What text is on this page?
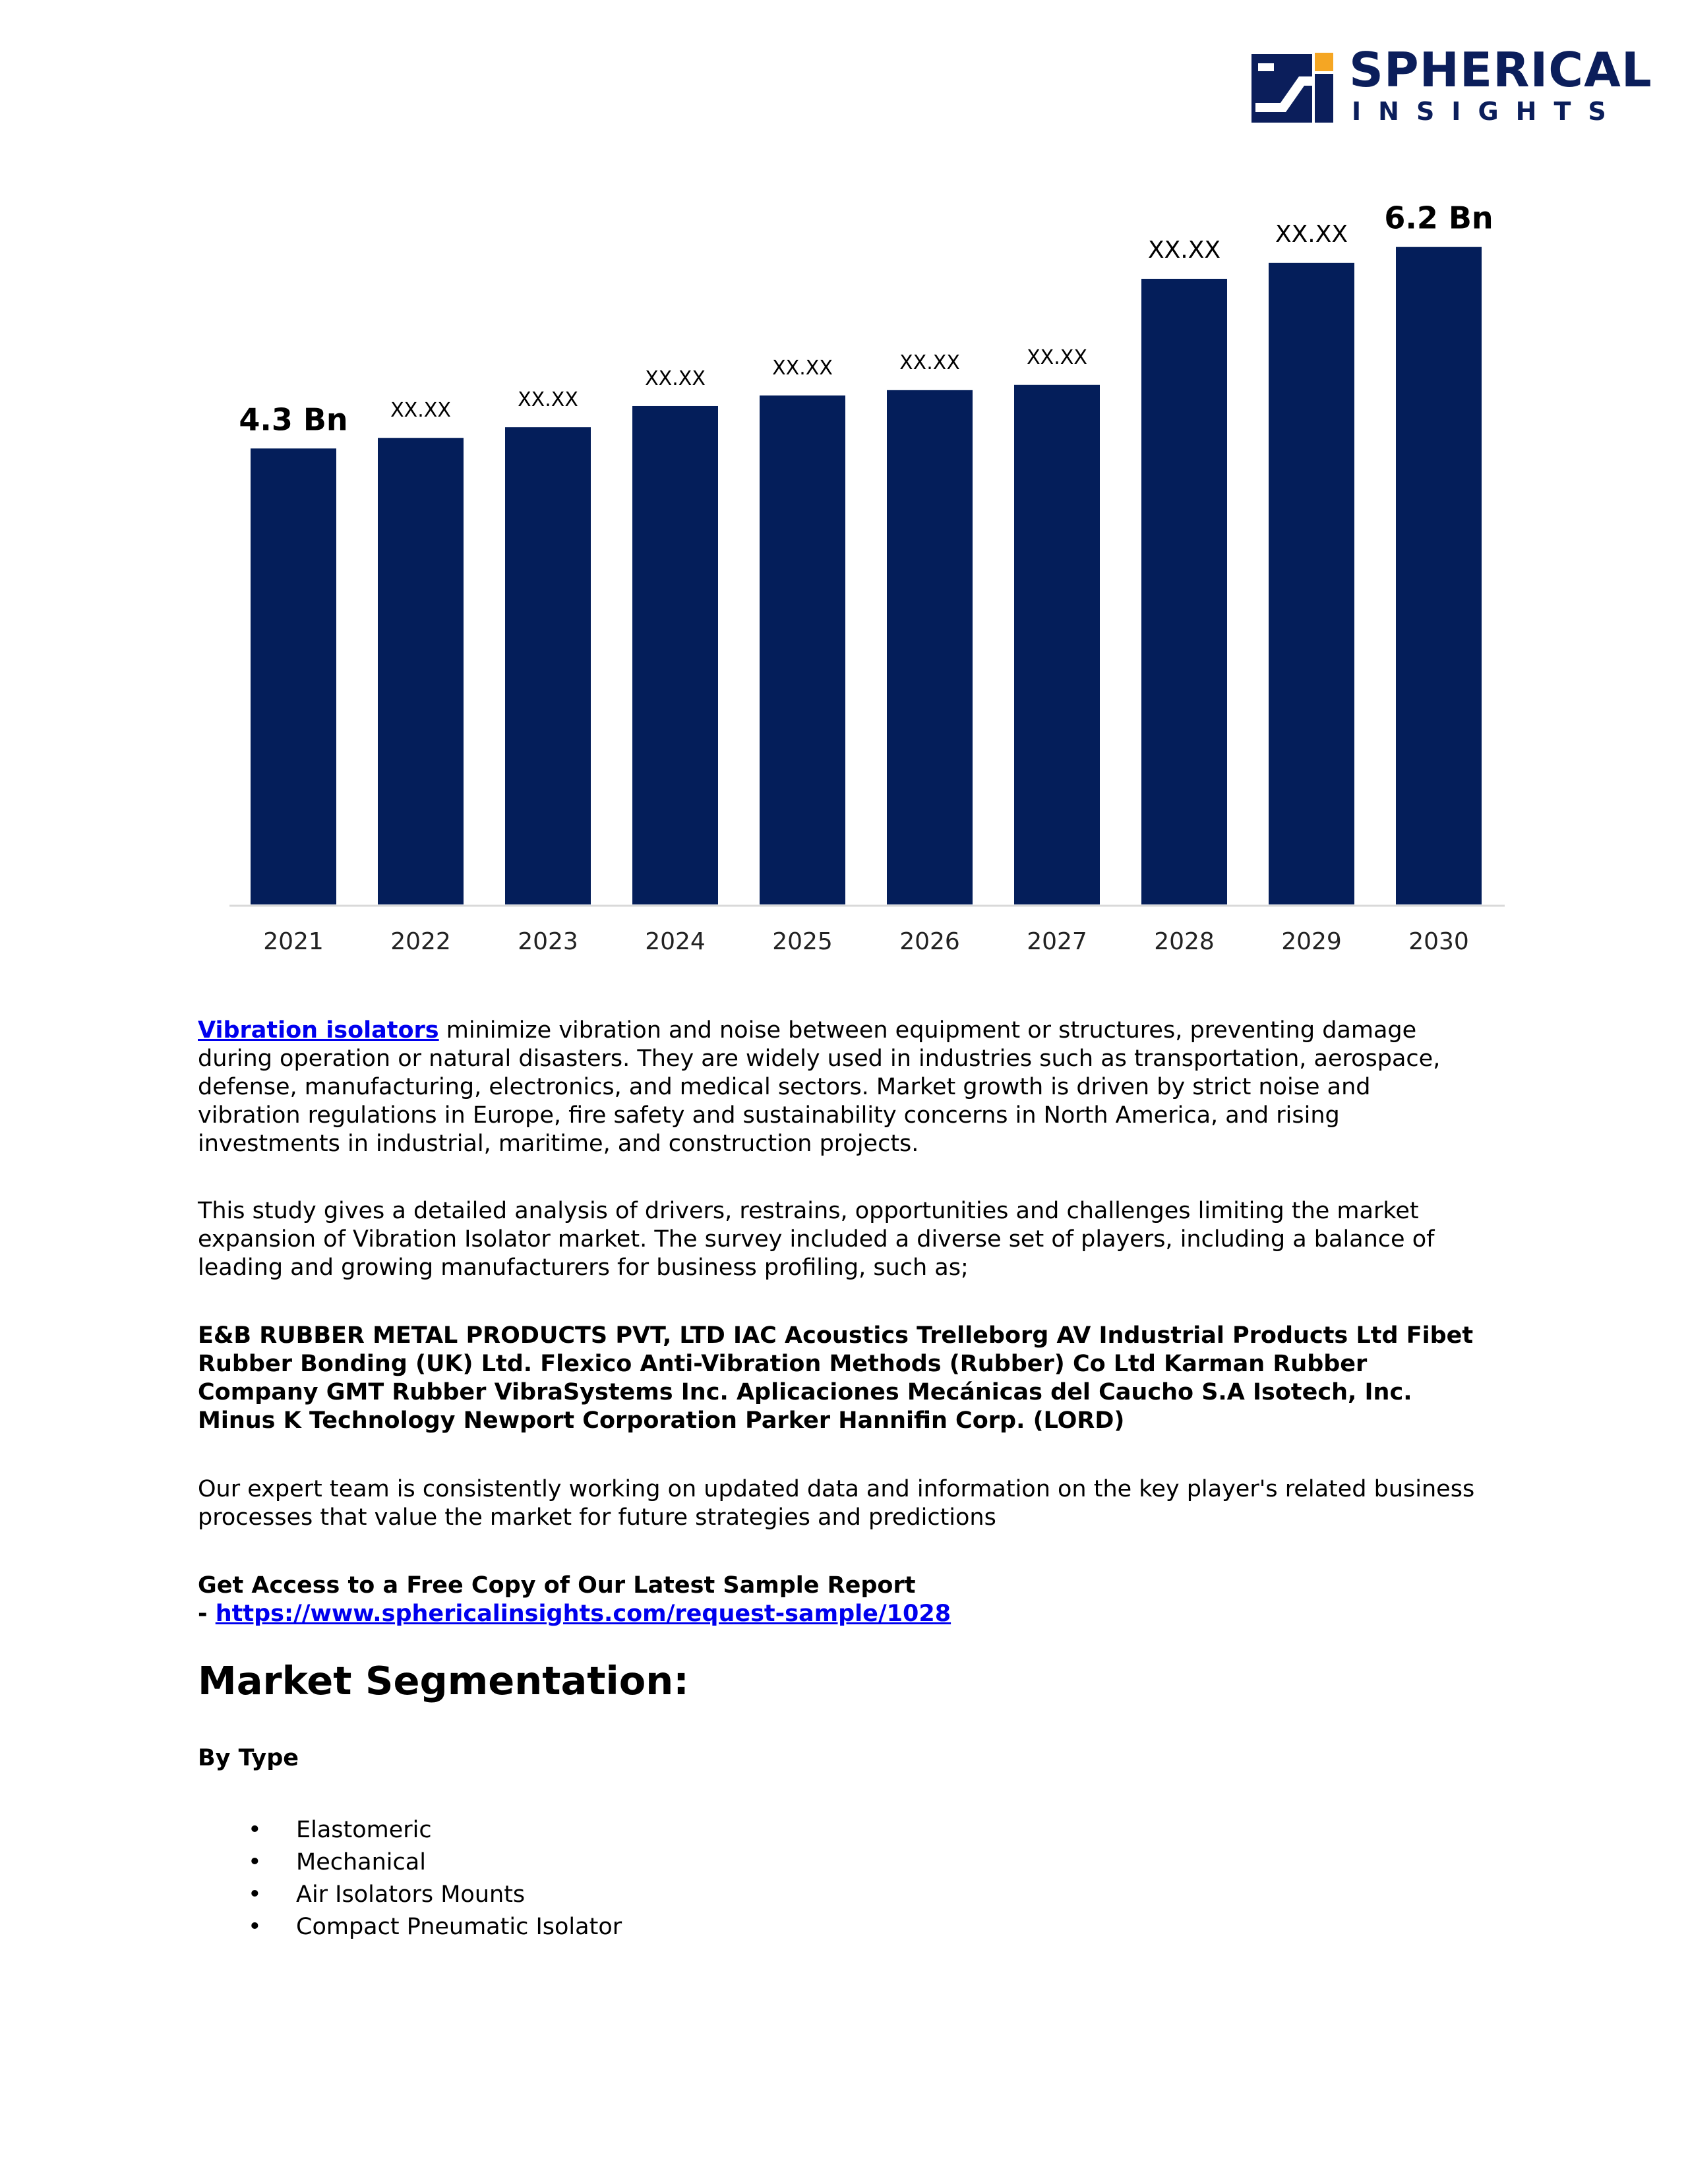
SPHERICAL
INSIGHTS
4.3 Bn
2021
XX.XX
2022
XX.XX
2023
XX.XX
2024
XX.XX
2025
XX.XX
2026
XX.XX
2027
XX.XX
2028
XX.XX
2029
6.2 Bn
2030

Vibration isolators minimize vibration and noise between equipment or structures, preventing damage during operation or natural disasters. They are widely used in industries such as transportation, aerospace, defense, manufacturing, electronics, and medical sectors. Market growth is driven by strict noise and vibration regulations in Europe, fire safety and sustainability concerns in North America, and rising investments in industrial, maritime, and construction projects.

This study gives a detailed analysis of drivers, restrains, opportunities and challenges limiting the market expansion of Vibration Isolator market. The survey included a diverse set of players, including a balance of leading and growing manufacturers for business profiling, such as;

E&B RUBBER METAL PRODUCTS PVT, LTD IAC Acoustics Trelleborg AV Industrial Products Ltd Fibet Rubber Bonding (UK) Ltd. Flexico Anti-Vibration Methods (Rubber) Co Ltd Karman Rubber Company GMT Rubber VibraSystems Inc. Aplicaciones Mecánicas del Caucho S.A Isotech, Inc. Minus K Technology Newport Corporation Parker Hannifin Corp. (LORD)

Our expert team is consistently working on updated data and information on the key player's related business processes that value the market for future strategies and predictions

Get Access to a Free Copy of Our Latest Sample Report

- https://www.sphericalinsights.com/request-sample/1028

Market Segmentation:
By Type
• Elastomeric
• Mechanical
• Air Isolators Mounts
• Compact Pneumatic Isolator
